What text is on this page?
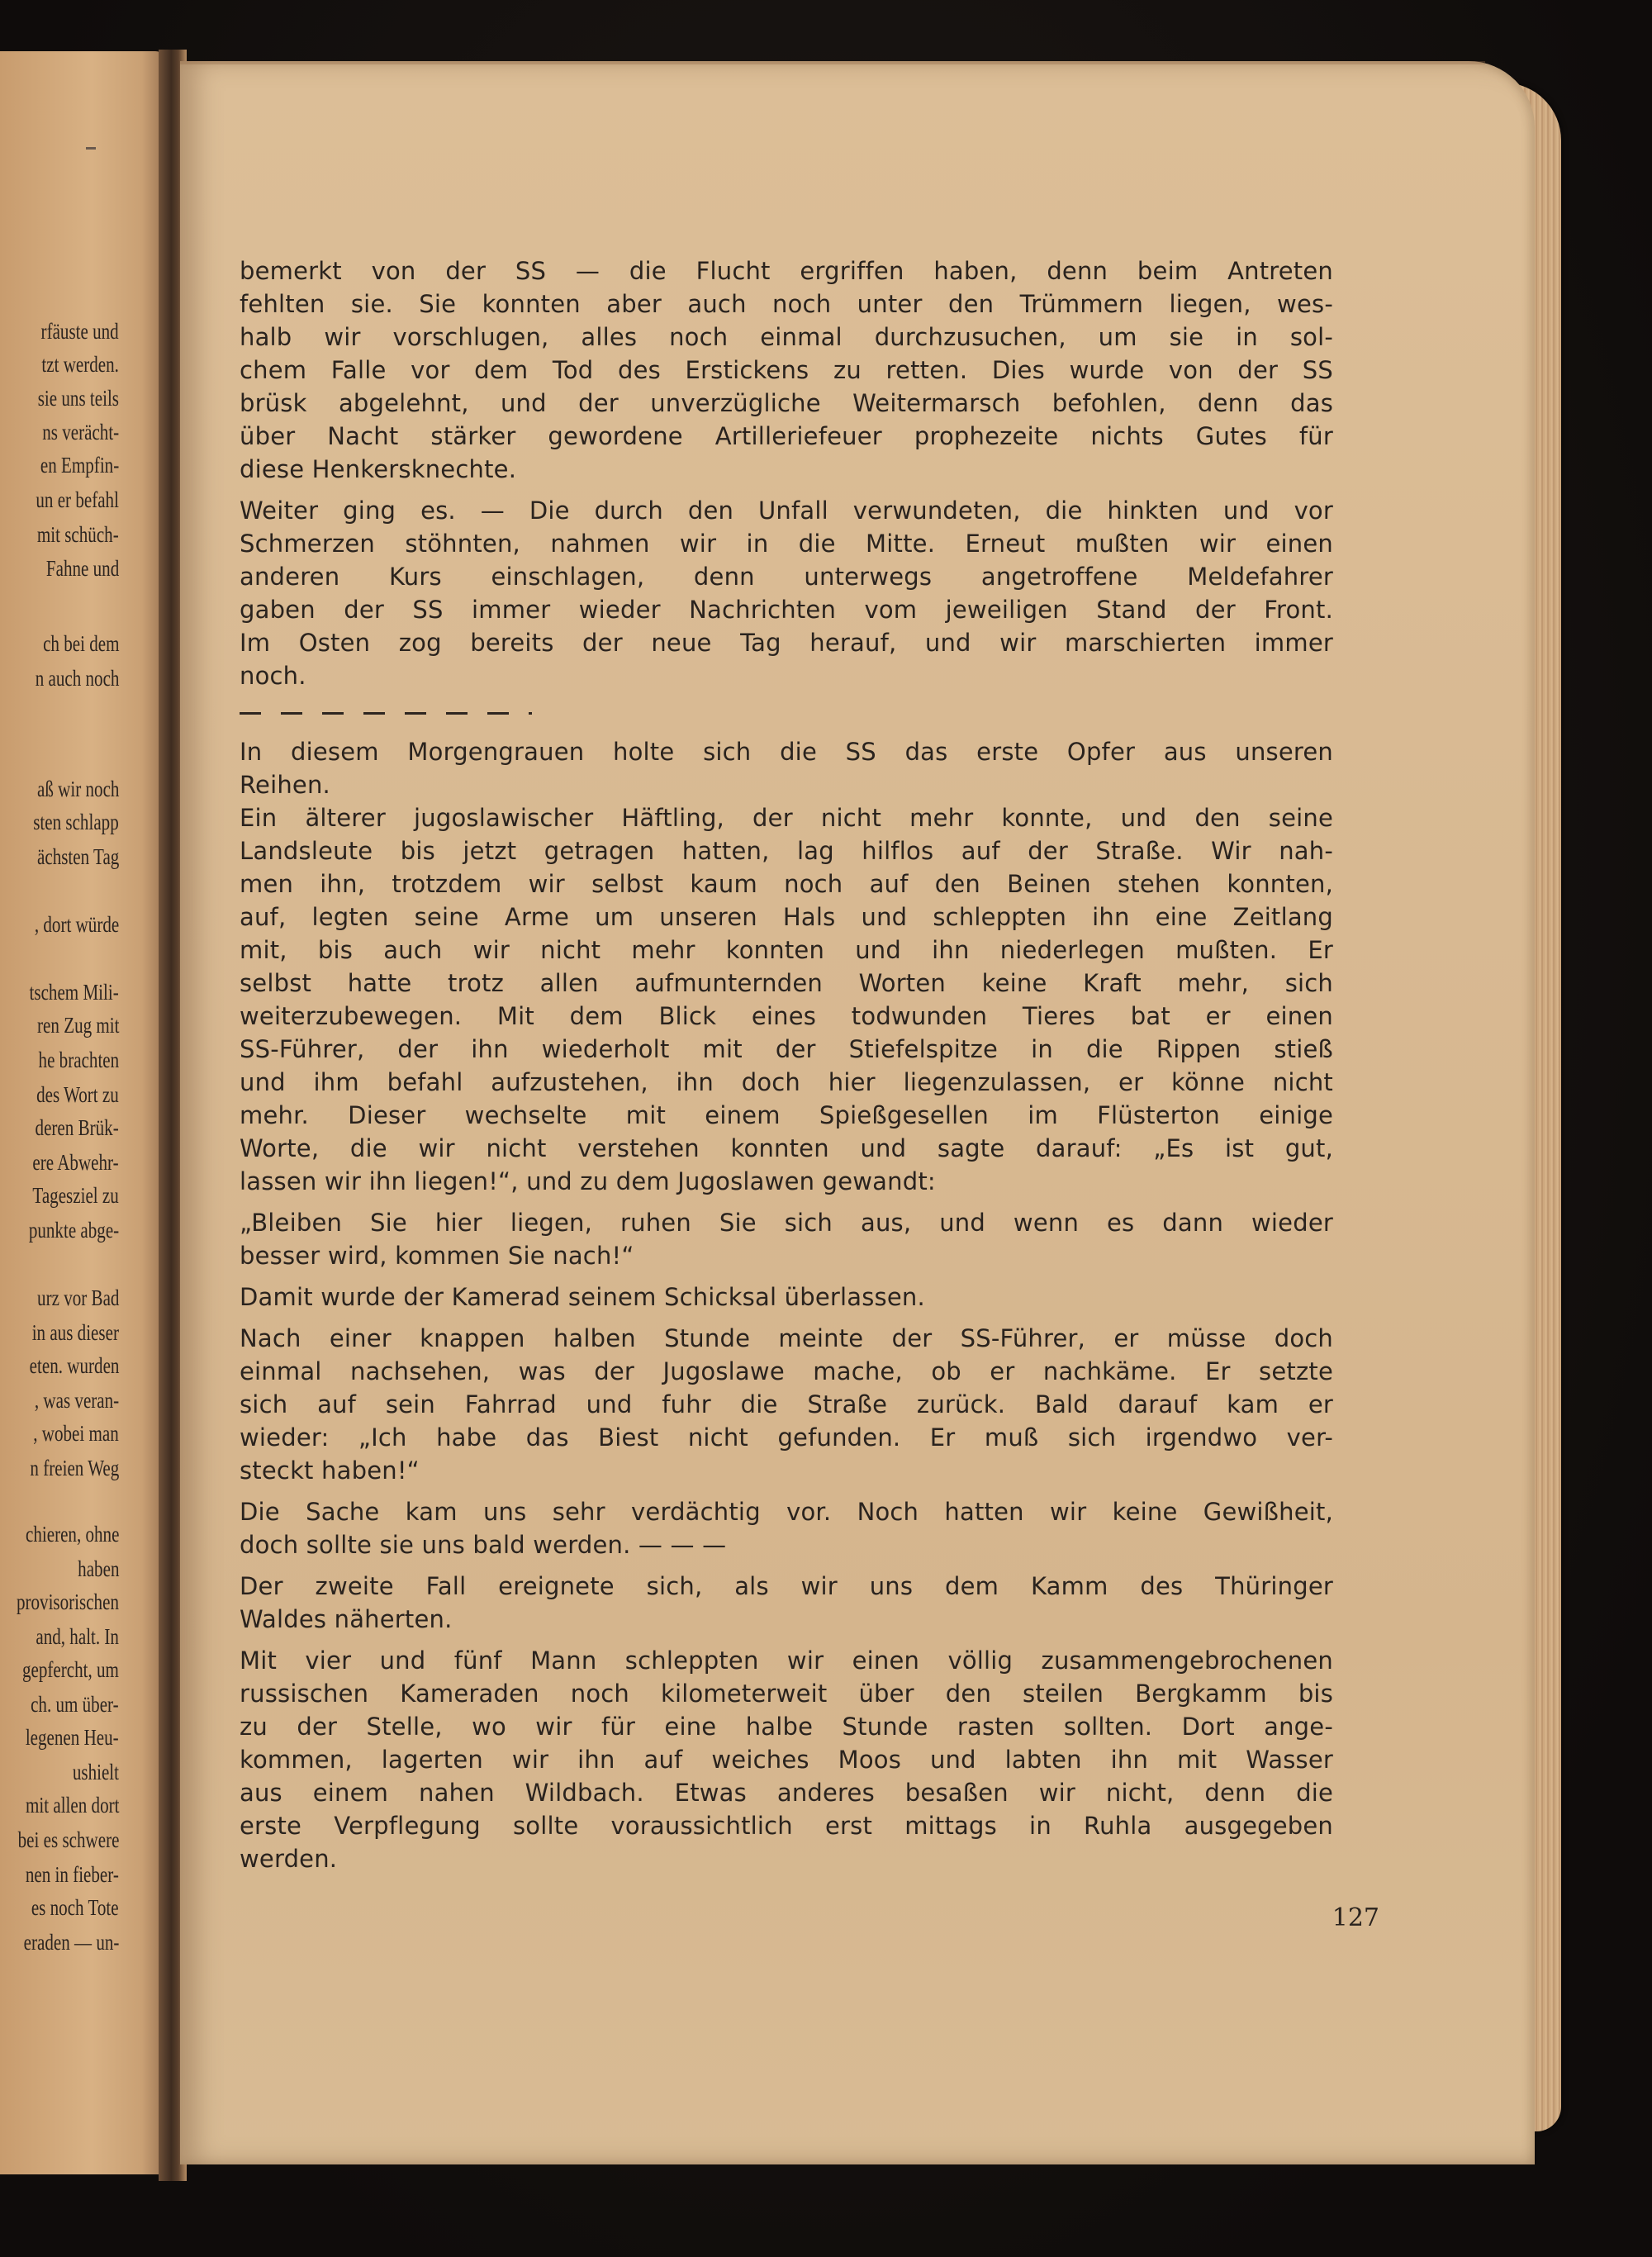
rfäuste und
tzt werden.
sie uns teils
ns verächt-
en Empfin-
un er befahl
mit schüch-
Fahne und
ch bei dem
n auch noch
aß wir noch
sten schlapp
ächsten Tag
, dort würde
tschem Mili-
ren Zug mit
he brachten
des Wort zu
deren Brük-
ere Abwehr-
Tagesziel zu
punkte abge-
urz vor Bad
in aus dieser
eten. wurden
, was veran-
, wobei man
n freien Weg
chieren, ohne
haben
provisorischen
and, halt. In
gepfercht, um
ch. um über-
legenen Heu-
ushielt
mit allen dort
bei es schwere
nen in fieber-
es noch Tote
eraden — un-
bemerkt von der SS — die Flucht ergriffen haben, denn beim Antreten
fehlten sie. Sie konnten aber auch noch unter den Trümmern liegen, wes-
halb wir vorschlugen, alles noch einmal durchzusuchen, um sie in sol-
chem Falle vor dem Tod des Erstickens zu retten. Dies wurde von der SS
brüsk abgelehnt, und der unverzügliche Weitermarsch befohlen, denn das
über Nacht stärker gewordene Artilleriefeuer prophezeite nichts Gutes für
diese Henkersknechte.
Weiter ging es. — Die durch den Unfall verwundeten, die hinkten und vor
Schmerzen stöhnten, nahmen wir in die Mitte. Erneut mußten wir einen
anderen Kurs einschlagen, denn unterwegs angetroffene Meldefahrer
gaben der SS immer wieder Nachrichten vom jeweiligen Stand der Front.
Im Osten zog bereits der neue Tag herauf, und wir marschierten immer
noch.
In diesem Morgengrauen holte sich die SS das erste Opfer aus unseren
Reihen.
Ein älterer jugoslawischer Häftling, der nicht mehr konnte, und den seine
Landsleute bis jetzt getragen hatten, lag hilflos auf der Straße. Wir nah-
men ihn, trotzdem wir selbst kaum noch auf den Beinen stehen konnten,
auf, legten seine Arme um unseren Hals und schleppten ihn eine Zeitlang
mit, bis auch wir nicht mehr konnten und ihn niederlegen mußten. Er
selbst hatte trotz allen aufmunternden Worten keine Kraft mehr, sich
weiterzubewegen. Mit dem Blick eines todwunden Tieres bat er einen
SS-Führer, der ihn wiederholt mit der Stiefelspitze in die Rippen stieß
und ihm befahl aufzustehen, ihn doch hier liegenzulassen, er könne nicht
mehr. Dieser wechselte mit einem Spießgesellen im Flüsterton einige
Worte, die wir nicht verstehen konnten und sagte darauf: „Es ist gut,
lassen wir ihn liegen!“, und zu dem Jugoslawen gewandt:
„Bleiben Sie hier liegen, ruhen Sie sich aus, und wenn es dann wieder
besser wird, kommen Sie nach!“
Damit wurde der Kamerad seinem Schicksal überlassen.
Nach einer knappen halben Stunde meinte der SS-Führer, er müsse doch
einmal nachsehen, was der Jugoslawe mache, ob er nachkäme. Er setzte
sich auf sein Fahrrad und fuhr die Straße zurück. Bald darauf kam er
wieder: „Ich habe das Biest nicht gefunden. Er muß sich irgendwo ver-
steckt haben!“
Die Sache kam uns sehr verdächtig vor. Noch hatten wir keine Gewißheit,
doch sollte sie uns bald werden. — — —
Der zweite Fall ereignete sich, als wir uns dem Kamm des Thüringer
Waldes näherten.
Mit vier und fünf Mann schleppten wir einen völlig zusammengebrochenen
russischen Kameraden noch kilometerweit über den steilen Bergkamm bis
zu der Stelle, wo wir für eine halbe Stunde rasten sollten. Dort ange-
kommen, lagerten wir ihn auf weiches Moos und labten ihn mit Wasser
aus einem nahen Wildbach. Etwas anderes besaßen wir nicht, denn die
erste Verpflegung sollte voraussichtlich erst mittags in Ruhla ausgegeben
werden.
127
